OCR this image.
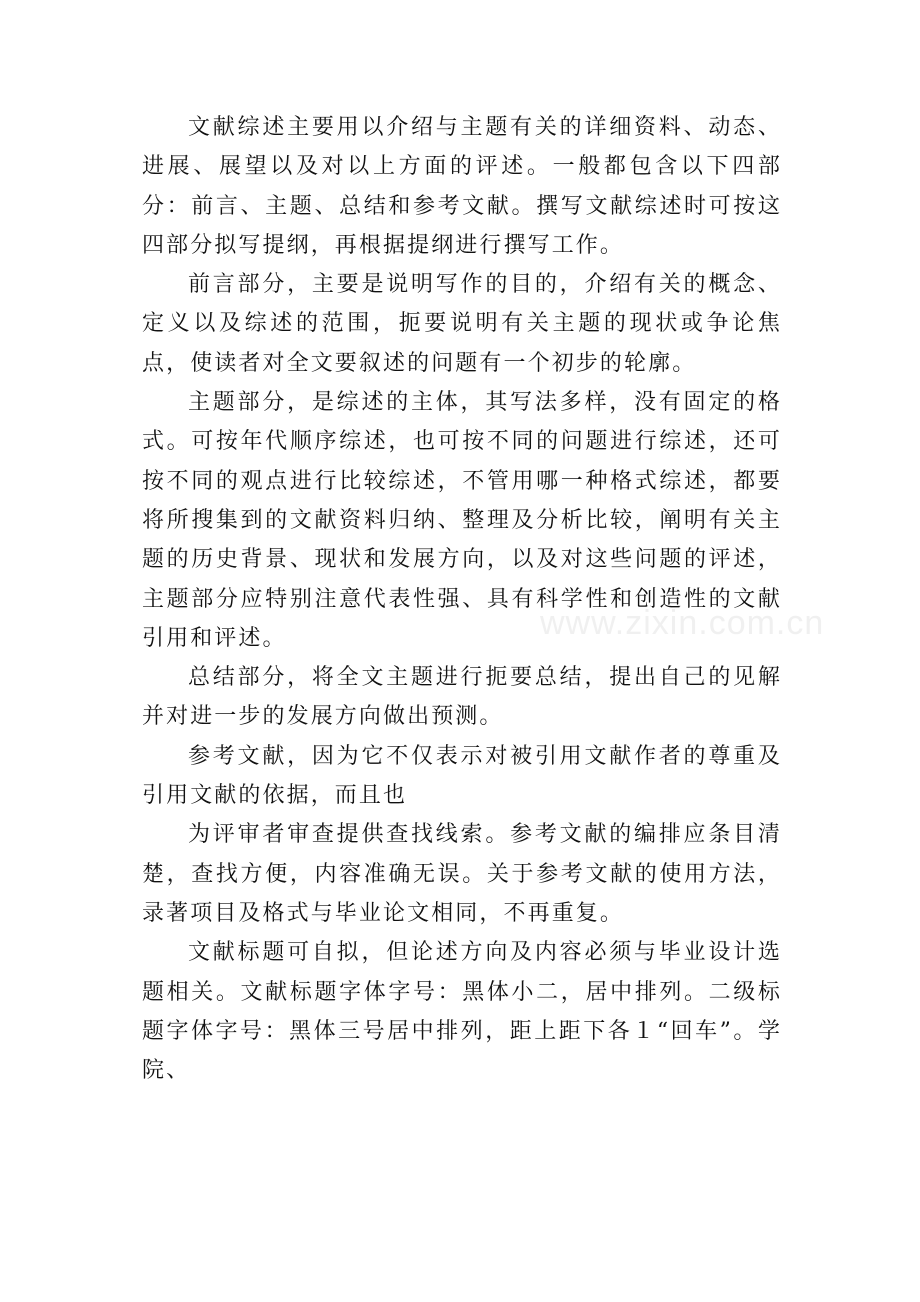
文献综述主要用以介绍与主题有关的详细资料、动态、进展、展望以及对以上方面的评述。一般都包含以下四部分：前言、主题、总结和参考文献。撰写文献综述时可按这四部分拟写提纲，再根据提纲进行撰写工作。

前言部分，主要是说明写作的目的，介绍有关的概念、定义以及综述的范围，扼要说明有关主题的现状或争论焦点，使读者对全文要叙述的问题有一个初步的轮廓。

主题部分，是综述的主体，其写法多样，没有固定的格式。可按年代顺序综述，也可按不同的问题进行综述，还可按不同的观点进行比较综述，不管用哪一种格式综述，都要将所搜集到的文献资料归纳、整理及分析比较，阐明有关主题的历史背景、现状和发展方向，以及对这些问题的评述，主题部分应特别注意代表性强、具有科学性和创造性的文献引用和评述。

总结部分，将全文主题进行扼要总结，提出自己的见解并对进一步的发展方向做出预测。

参考文献，因为它不仅表示对被引用文献作者的尊重及引用文献的依据，而且也

为评审者审查提供查找线索。参考文献的编排应条目清楚，查找方便，内容准确无误。关于参考文献的使用方法，录著项目及格式与毕业论文相同，不再重复。

文献标题可自拟，但论述方向及内容必须与毕业设计选题相关。文献标题字体字号：黑体小二，居中排列。二级标题字体字号：黑体三号居中排列，距上距下各１“回车”。学院、

www.zixin.com.cn
